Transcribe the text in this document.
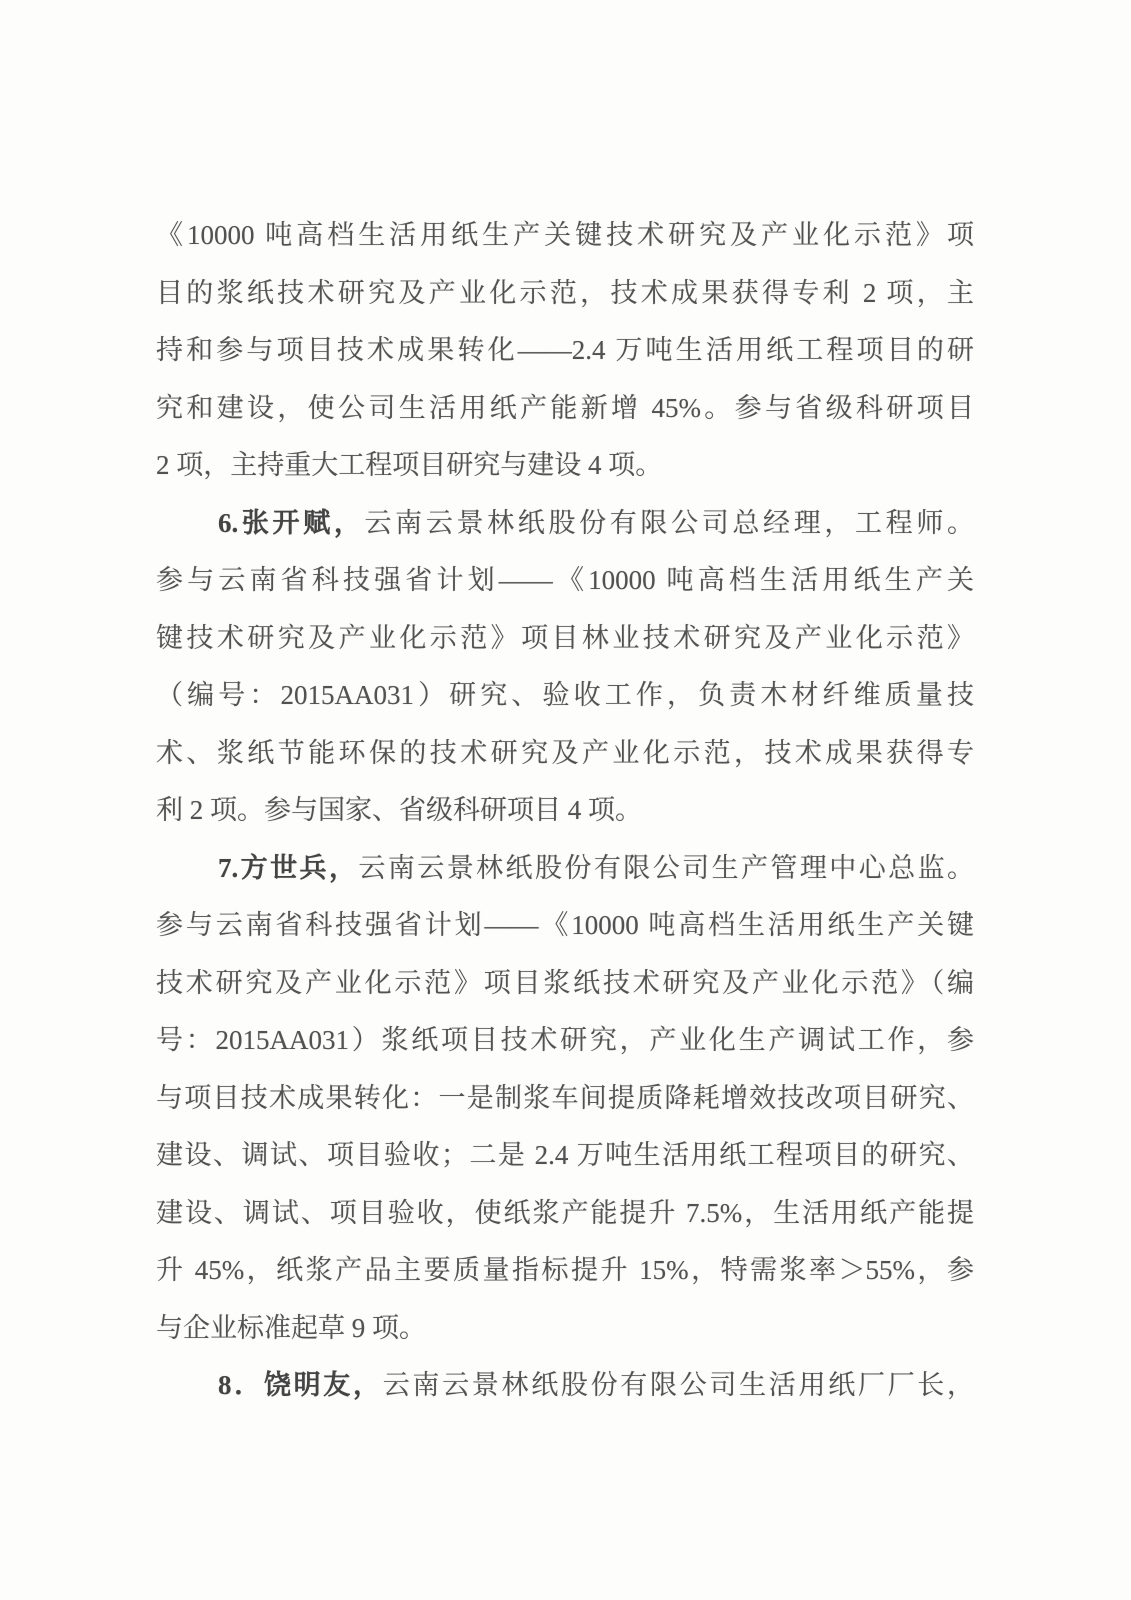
《10000 吨高档生活用纸生产关键技术研究及产业化示范》项
目的浆纸技术研究及产业化示范，技术成果获得专利 2 项，主
持和参与项目技术成果转化——2.4 万吨生活用纸工程项目的研
究和建设，使公司生活用纸产能新增 45%。参与省级科研项目
2 项，主持重大工程项目研究与建设 4 项。
6.张开赋，云南云景林纸股份有限公司总经理，工程师。
参与云南省科技强省计划——《10000 吨高档生活用纸生产关
键技术研究及产业化示范》项目林业技术研究及产业化示范》
（编号：2015AA031）研究、验收工作，负责木材纤维质量技
术、浆纸节能环保的技术研究及产业化示范，技术成果获得专
利 2 项。参与国家、省级科研项目 4 项。
7.方世兵，云南云景林纸股份有限公司生产管理中心总监。
参与云南省科技强省计划——《10000 吨高档生活用纸生产关键
技术研究及产业化示范》项目浆纸技术研究及产业化示范》（编
号：2015AA031）浆纸项目技术研究，产业化生产调试工作，参
与项目技术成果转化：一是制浆车间提质降耗增效技改项目研究、
建设、调试、项目验收；二是 2.4 万吨生活用纸工程项目的研究、
建设、调试、项目验收，使纸浆产能提升 7.5%，生活用纸产能提
升 45%，纸浆产品主要质量指标提升 15%，特需浆率＞55%，参
与企业标准起草 9 项。
8．饶明友，云南云景林纸股份有限公司生活用纸厂厂长，
